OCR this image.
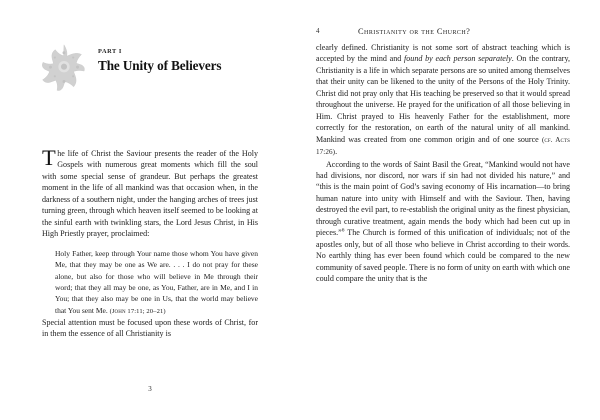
PART I
The Unity of Believers

The life of Christ the Saviour presents the reader of the Holy Gospels with numerous great moments which fill the soul with some special sense of grandeur. But perhaps the greatest moment in the life of all mankind was that occasion when, in the darkness of a southern night, under the hanging arches of trees just turning green, through which heaven itself seemed to be looking at the sinful earth with twinkling stars, the Lord Jesus Christ, in His High Priestly prayer, proclaimed:

Holy Father, keep through Your name those whom You have given Me, that they may be one as We are. . . . I do not pray for these alone, but also for those who will believe in Me through their word; that they all may be one, as You, Father, are in Me, and I in You; that they also may be one in Us, that the world may believe that You sent Me. (John 17:11; 20–21)

Special attention must be focused upon these words of Christ, for in them the essence of all Christianity is

3
4	Christianity or the Church?

clearly defined. Christianity is not some sort of abstract teaching which is accepted by the mind and found by each person separately. On the contrary, Christianity is a life in which separate persons are so united among themselves that their unity can be likened to the unity of the Persons of the Holy Trinity. Christ did not pray only that His teaching be preserved so that it would spread throughout the universe. He prayed for the unification of all those believing in Him. Christ prayed to His heavenly Father for the establishment, more correctly for the restoration, on earth of the natural unity of all mankind. Mankind was created from one common origin and of one source (cf. Acts 17:26).

According to the words of Saint Basil the Great, “Mankind would not have had divisions, nor discord, nor wars if sin had not divided his nature,” and “this is the main point of God’s saving economy of His incarnation—to bring human nature into unity with Himself and with the Saviour. Then, having destroyed the evil part, to re-establish the original unity as the finest physician, through curative treatment, again mends the body which had been cut up in pieces.”$^6$ The Church is formed of this unification of individuals; not of the apostles only, but of all those who believe in Christ according to their words. No earthly thing has ever been found which could be compared to the new community of saved people. There is no form of unity on earth with which one could compare the unity that is the
